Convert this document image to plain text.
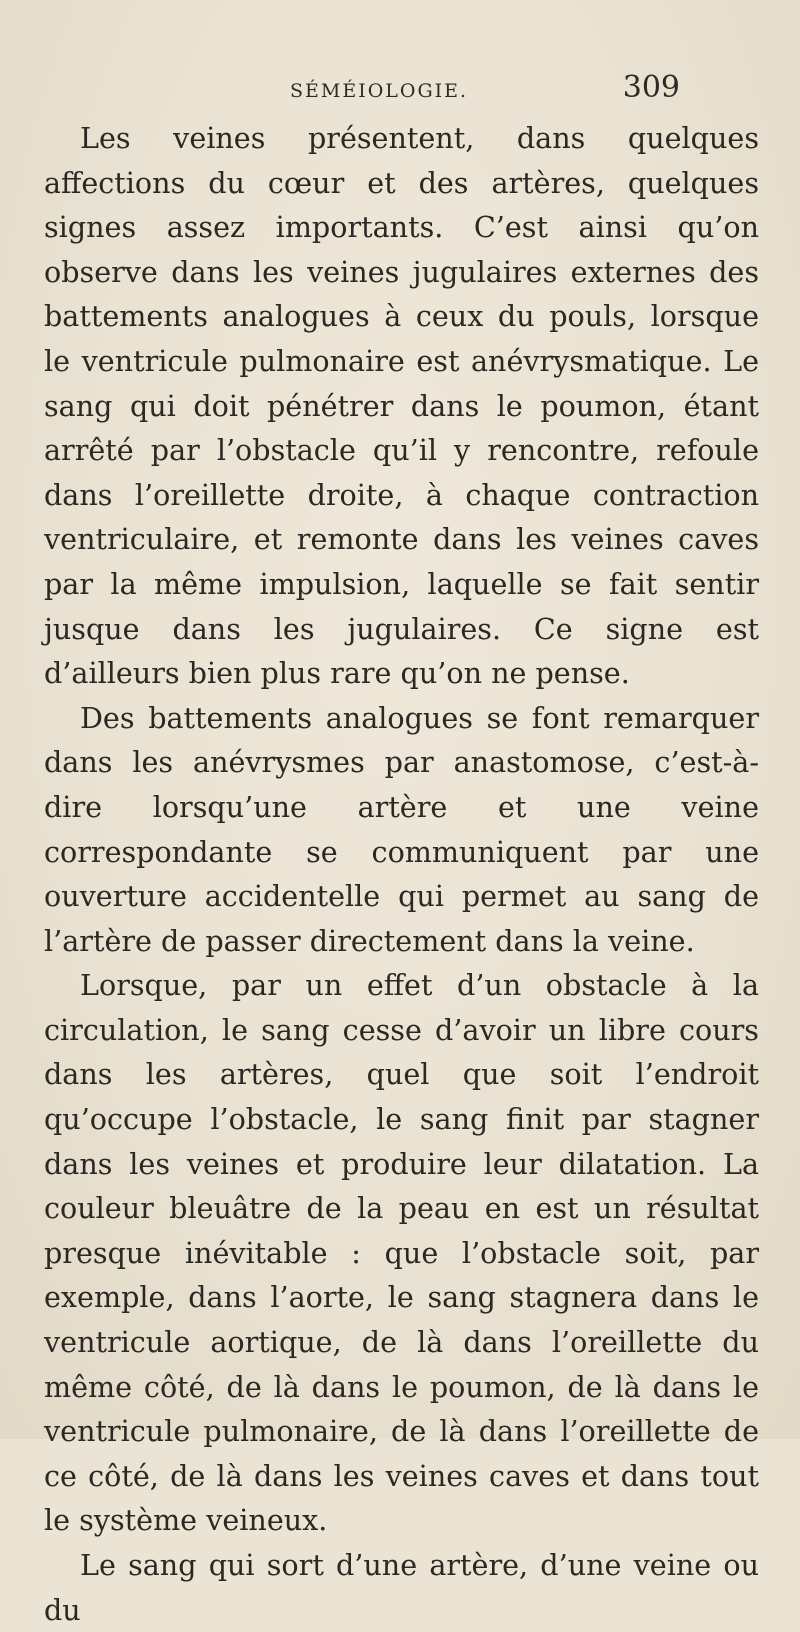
SÉMÉIOLOGIE.	309

Les veines présentent, dans quelques affections du cœur et des artères, quelques signes assez importants. C’est ainsi qu’on observe dans les veines jugulaires externes des battements analogues à ceux du pouls, lorsque le ventricule pulmonaire est anévrysmatique. Le sang qui doit pénétrer dans le poumon, étant arrêté par l’obstacle qu’il y rencontre, refoule dans l’oreillette droite, à chaque contraction ventriculaire, et remonte dans les veines caves par la même impulsion, laquelle se fait sentir jusque dans les jugulaires. Ce signe est d’ailleurs bien plus rare qu’on ne pense.

Des battements analogues se font remarquer dans les anévrysmes par anastomose, c’est-à-dire lorsqu’une artère et une veine correspondante se communiquent par une ouverture accidentelle qui permet au sang de l’artère de passer directement dans la veine.

Lorsque, par un effet d’un obstacle à la circulation, le sang cesse d’avoir un libre cours dans les artères, quel que soit l’endroit qu’occupe l’obstacle, le sang finit par stagner dans les veines et produire leur dilatation. La couleur bleuâtre de la peau en est un résultat presque inévitable : que l’obstacle soit, par exemple, dans l’aorte, le sang stagnera dans le ventricule aortique, de là dans l’oreillette du même côté, de là dans le poumon, de là dans le ventricule pulmonaire, de là dans l’oreillette de ce côté, de là dans les veines caves et dans tout le système veineux.

Le sang qui sort d’une artère, d’une veine ou du
